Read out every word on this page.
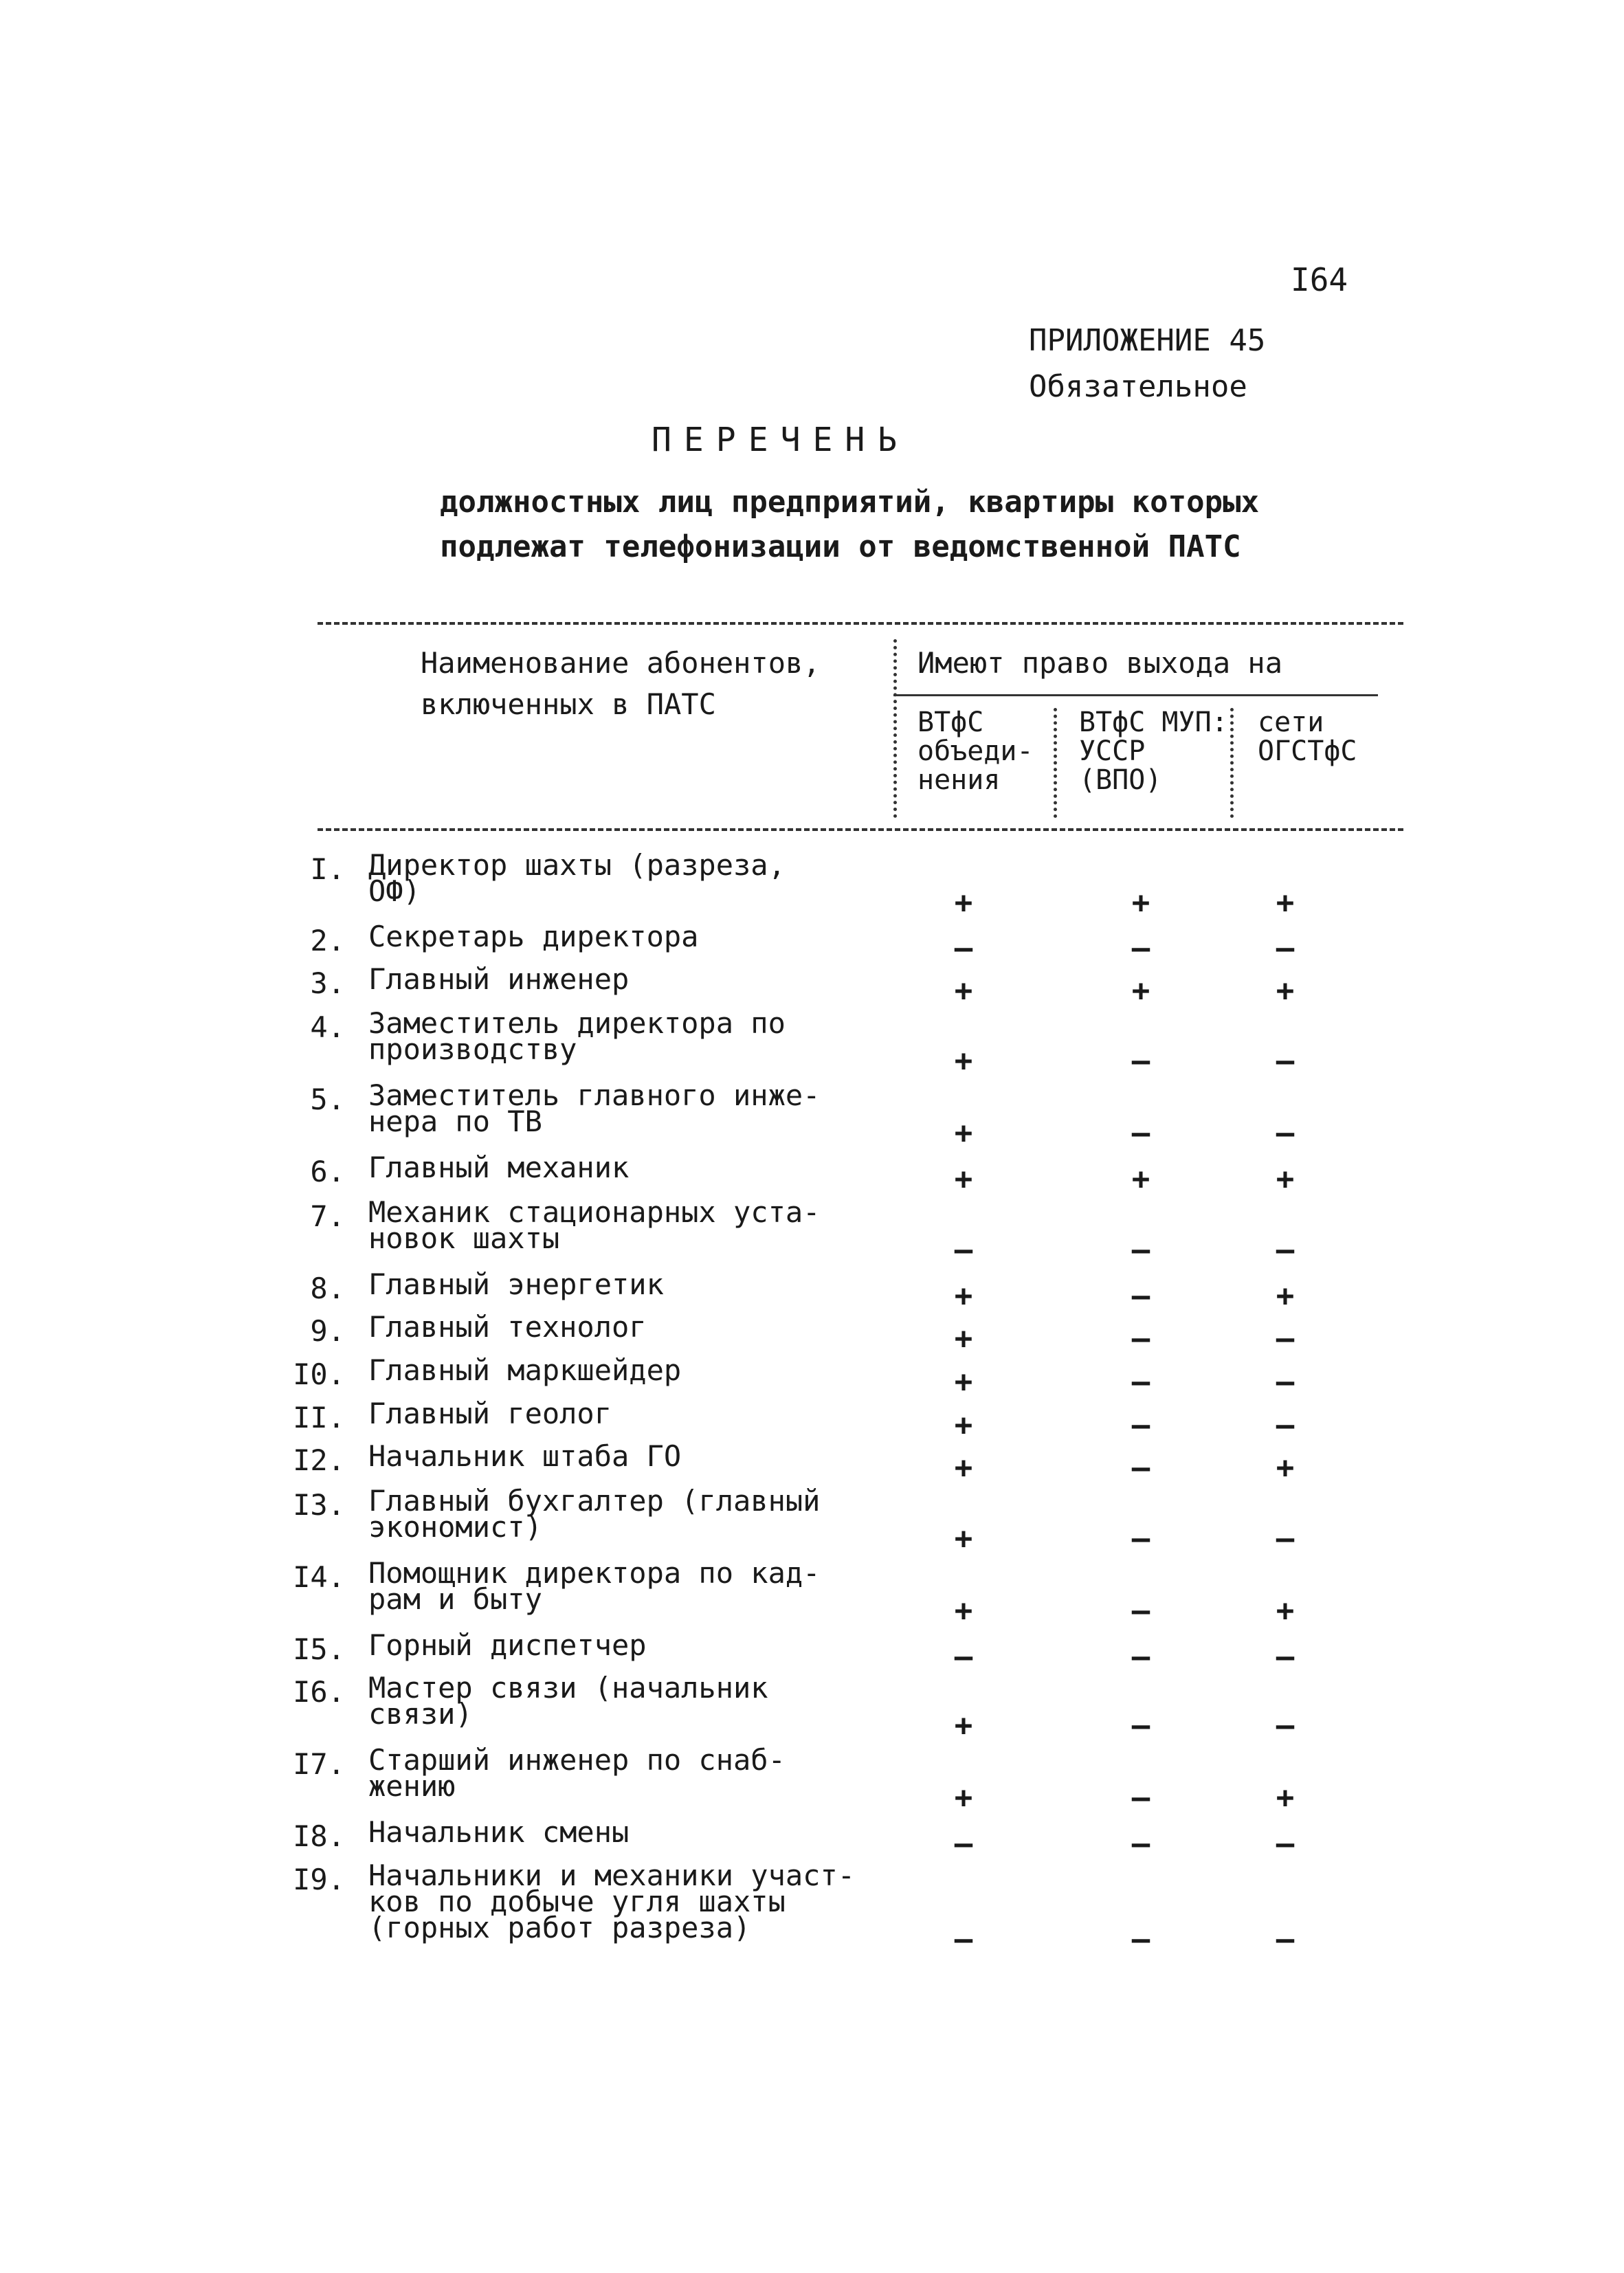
I64
ПРИЛОЖЕНИЕ 45
Обязательное
ПЕРЕЧЕНЬ
должностных лиц предприятий, квартиры которых
подлежат телефонизации от ведомственной ПАТС
Наименование абонентов,
включенных в ПАТС
Имеют право выхода на
ВТфС
объеди-
нения
ВТфС МУП:
УССР
(ВПО)
сети
ОГСТфС
I. Директор шахты (разреза,
ОФ)	+	+	+
2. Секретарь директора	–	–	–
3. Главный инженер	+	+	+
4. Заместитель директора по
производству	+	–	–
5. Заместитель главного инже-
нера по ТВ	+	–	–
6. Главный механик	+	+	+
7. Механик стационарных уста-
новок шахты	–	–	–
8. Главный энергетик	+	–	+
9. Главный технолог	+	–	–
I0. Главный маркшейдер	+	–	–
II. Главный геолог	+	–	–
I2. Начальник штаба ГО	+	–	+
I3. Главный бухгалтер (главный
экономист)	+	–	–
I4. Помощник директора по кад-
рам и быту	+	–	+
I5. Горный диспетчер	–	–	–
I6. Мастер связи (начальник
связи)	+	–	–
I7. Старший инженер по снаб-
жению	+	–	+
I8. Начальник смены	–	–	–
I9. Начальники и механики участ-
ков по добыче угля шахты
(горных работ разреза)	–	–	–
